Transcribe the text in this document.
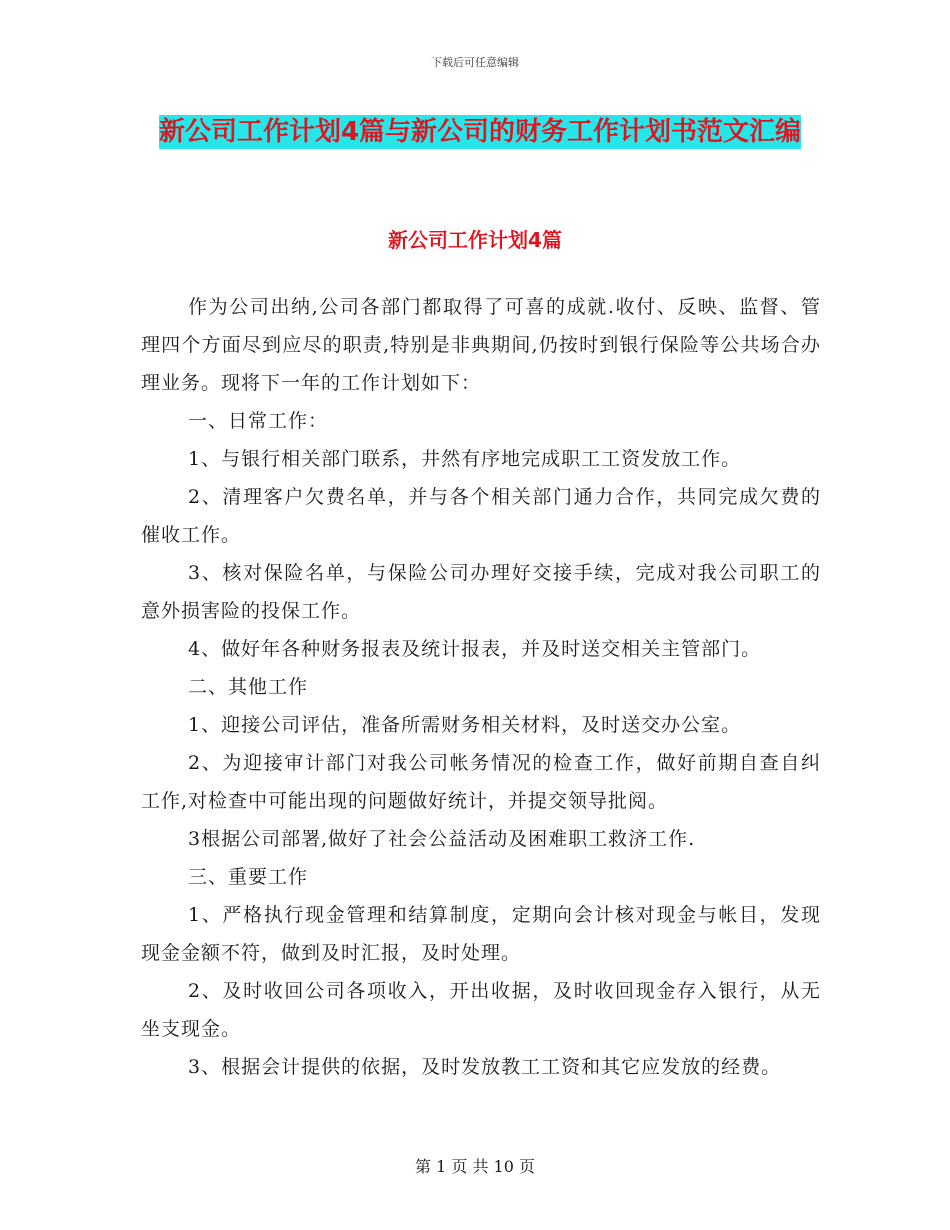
下载后可任意编辑
新公司工作计划4篇与新公司的财务工作计划书范文汇编
新公司工作计划4篇

作为公司出纳,公司各部门都取得了可喜的成就.收付、反映、监督、管理四个方面尽到应尽的职责,特别是非典期间,仍按时到银行保险等公共场合办理业务。现将下一年的工作计划如下：

一、日常工作：

1、与银行相关部门联系，井然有序地完成职工工资发放工作。

2、清理客户欠费名单，并与各个相关部门通力合作，共同完成欠费的催收工作。

3、核对保险名单，与保险公司办理好交接手续，完成对我公司职工的意外损害险的投保工作。

4、做好年各种财务报表及统计报表，并及时送交相关主管部门。

二、其他工作

1、迎接公司评估，准备所需财务相关材料，及时送交办公室。

2、为迎接审计部门对我公司帐务情况的检查工作，做好前期自查自纠工作,对检查中可能出现的问题做好统计，并提交领导批阅。

3根据公司部署,做好了社会公益活动及困难职工救济工作.

三、重要工作

1、严格执行现金管理和结算制度，定期向会计核对现金与帐目，发现现金金额不符，做到及时汇报，及时处理。

2、及时收回公司各项收入，开出收据，及时收回现金存入银行，从无坐支现金。

3、根据会计提供的依据，及时发放教工工资和其它应发放的经费。

第 1 页 共 10 页
